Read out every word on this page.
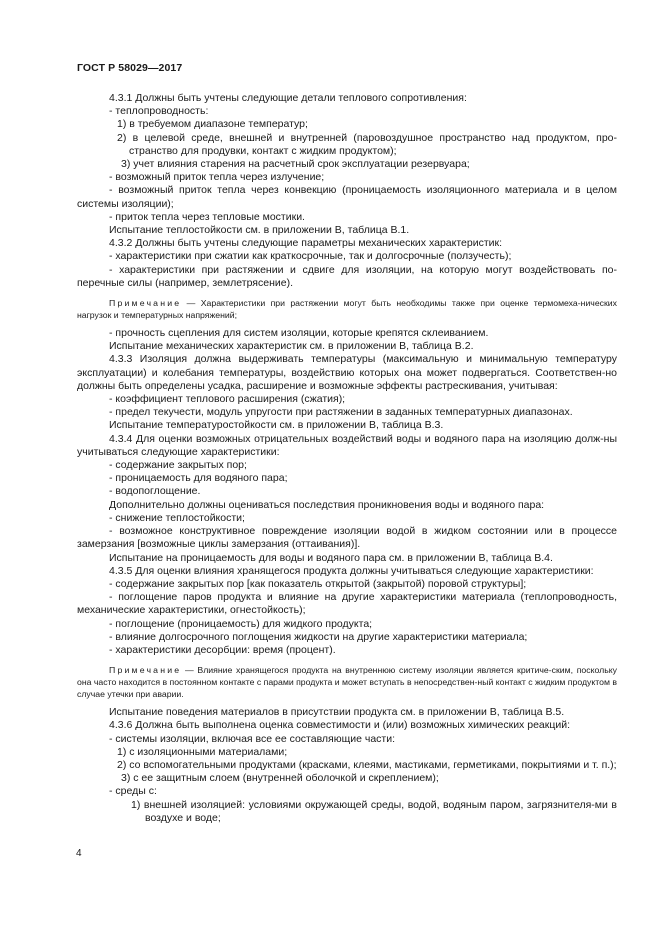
ГОСТ Р 58029—2017

4.3.1 Должны быть учтены следующие детали теплового сопротивления:

- теплопроводность:

1) в требуемом диапазоне температур;

2) в целевой среде, внешней и внутренней (паровоздушное пространство над продуктом, про-странство для продувки, контакт с жидким продуктом);

3) учет влияния старения на расчетный срок эксплуатации резервуара;

- возможный приток тепла через излучение;

- возможный приток тепла через конвекцию (проницаемость изоляционного материала и в целом системы изоляции);

- приток тепла через тепловые мостики.

Испытание теплостойкости см. в приложении В, таблица В.1.

4.3.2 Должны быть учтены следующие параметры механических характеристик:

- характеристики при сжатии как краткосрочные, так и долгосрочные (ползучесть);

- характеристики при растяжении и сдвиге для изоляции, на которую могут воздействовать по-перечные силы (например, землетрясение).

Примечание — Характеристики при растяжении могут быть необходимы также при оценке термомеха-нических нагрузок и температурных напряжений;

- прочность сцепления для систем изоляции, которые крепятся склеиванием.

Испытание механических характеристик см. в приложении В, таблица В.2.

4.3.3 Изоляция должна выдерживать температуры (максимальную и минимальную температуру эксплуатации) и колебания температуры, воздействию которых она может подвергаться. Соответствен-но должны быть определены усадка, расширение и возможные эффекты растрескивания, учитывая:

- коэффициент теплового расширения (сжатия);

- предел текучести, модуль упругости при растяжении в заданных температурных диапазонах.

Испытание температуростойкости см. в приложении В, таблица В.3.

4.3.4 Для оценки возможных отрицательных воздействий воды и водяного пара на изоляцию долж-ны учитываться следующие характеристики:

- содержание закрытых пор;

- проницаемость для водяного пара;

- водопоглощение.

Дополнительно должны оцениваться последствия проникновения воды и водяного пара:

- снижение теплостойкости;

- возможное конструктивное повреждение изоляции водой в жидком состоянии или в процессе замерзания [возможные циклы замерзания (оттаивания)].

Испытание на проницаемость для воды и водяного пара см. в приложении В, таблица В.4.

4.3.5 Для оценки влияния хранящегося продукта должны учитываться следующие характеристики:

- содержание закрытых пор [как показатель открытой (закрытой) поровой структуры];

- поглощение паров продукта и влияние на другие характеристики материала (теплопроводность, механические характеристики, огнестойкость);

- поглощение (проницаемость) для жидкого продукта;

- влияние долгосрочного поглощения жидкости на другие характеристики материала;

- характеристики десорбции: время (процент).

Примечание — Влияние хранящегося продукта на внутреннюю систему изоляции является критиче-ским, поскольку она часто находится в постоянном контакте с парами продукта и может вступать в непосредствен-ный контакт с жидким продуктом в случае утечки при аварии.

Испытание поведения материалов в присутствии продукта см. в приложении В, таблица В.5.

4.3.6 Должна быть выполнена оценка совместимости и (или) возможных химических реакций:

- системы изоляции, включая все ее составляющие части:

1) с изоляционными материалами;

2) со вспомогательными продуктами (красками, клеями, мастиками, герметиками, покрытиями и т. п.);

3) с ее защитным слоем (внутренней оболочкой и скреплением);

- среды с:

1) внешней изоляцией: условиями окружающей среды, водой, водяным паром, загрязнителя-ми в воздухе и воде;

4
